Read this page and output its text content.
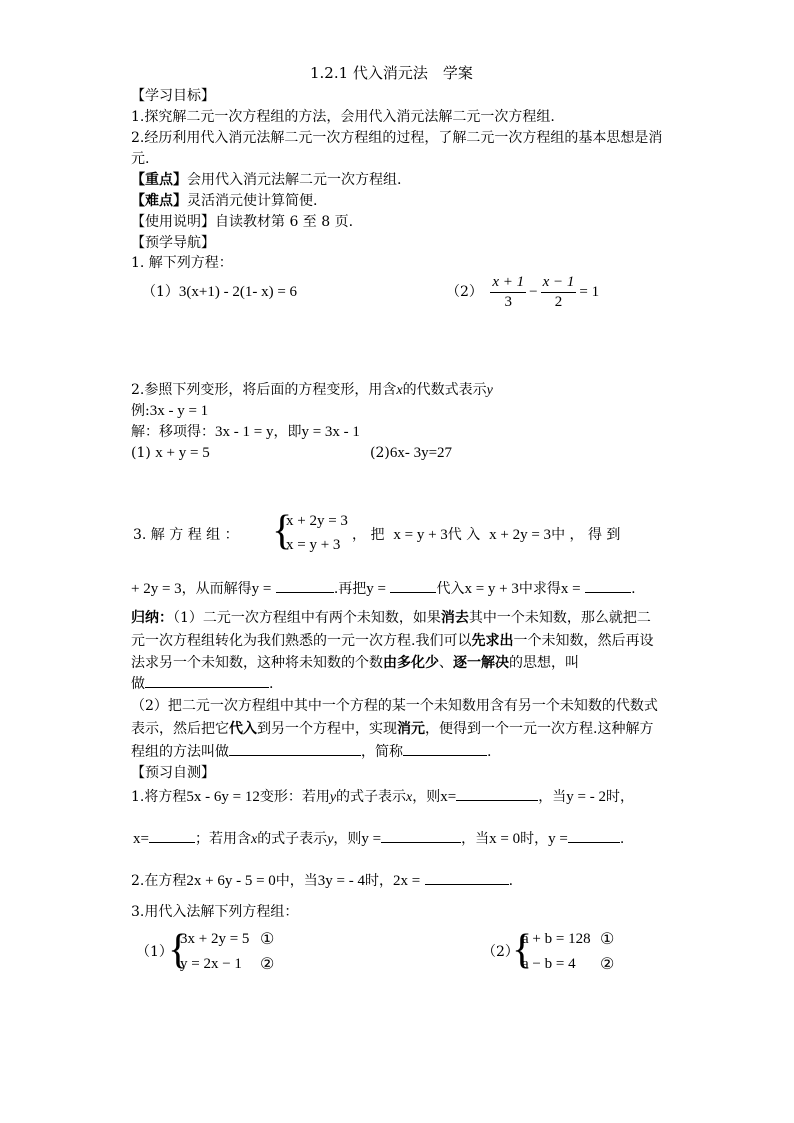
1.2.1 代入消元法　学案
【学习目标】
1.探究解二元一次方程组的方法，会用代入消元法解二元一次方程组.
2.经历利用代入消元法解二元一次方程组的过程，了解二元一次方程组的基本思想是消
元.
【重点】会用代入消元法解二元一次方程组.
【难点】灵活消元使计算简便.
【使用说明】自读教材第 6 至 8 页.
【预学导航】
1. 解下列方程：
（1）3(x+1) - 2(1- x) = 6	$(2) \frac{x + 1}{3} - \frac{x - 1}{2} = 1$
2.参照下列变形，将后面的方程变形，用含x的代数式表示y
例:3x - y = 1
解：移项得：3x - 1 = y，即y = 3x - 1
(1) x + y = 5	(2)6x- 3y=27
3. 解 方 程 组 ： {
x + 2y = 3
x = y + 3
， 把 x = y + 3代 入 x + 2y = 3中 ， 得 到
+ 2y = 3，从而解得y =	.再把y =	代入x = y + 3中求得x =	.
归纳：（1）二元一次方程组中有两个未知数，如果消去其中一个未知数，那么就把二
元一次方程组转化为我们熟悉的一元一次方程.我们可以先求出一个未知数，然后再设
法求另一个未知数，这种将未知数的个数由多化少、逐一解决的思想，叫
做	.
（2）把二元一次方程组中其中一个方程的某一个未知数用含有另一个未知数的代数式
表示，然后把它代入到另一个方程中，实现消元，便得到一个一元一次方程.这种解方
程组的方法叫做	，简称	.
【预习自测】
1.将方程5x - 6y = 12变形：若用y的式子表示x，则x=	，当y = - 2时，
x=	；若用含x的式子表示y，则y =	，当x = 0时，y =	.
2.在方程2x + 6y - 5 = 0中，当3y = - 4时，2x =	.
3.用代入法解下列方程组：
（1）
{
3x + 2y = 5
y = 2x − 1
①
②
（2）
{
a + b = 128
a − b = 4
①
②
